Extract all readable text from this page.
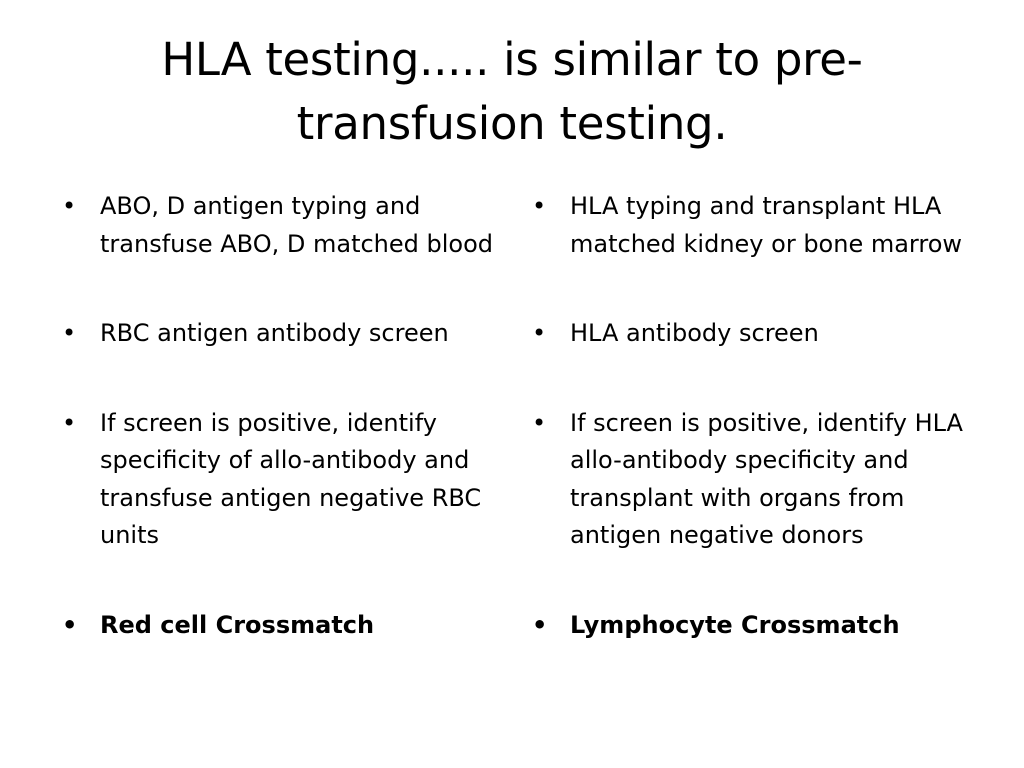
HLA testing..... is similar to pre-transfusion testing.
• ABO, D antigen typing and transfuse ABO, D matched blood
• RBC antigen antibody screen
• If screen is positive, identify specificity of allo-antibody and transfuse antigen negative RBC units
• Red cell Crossmatch
• HLA typing and transplant HLA matched kidney or bone marrow
• HLA antibody screen
• If screen is positive, identify HLA allo-antibody specificity and transplant with organs from antigen negative donors
• Lymphocyte Crossmatch
